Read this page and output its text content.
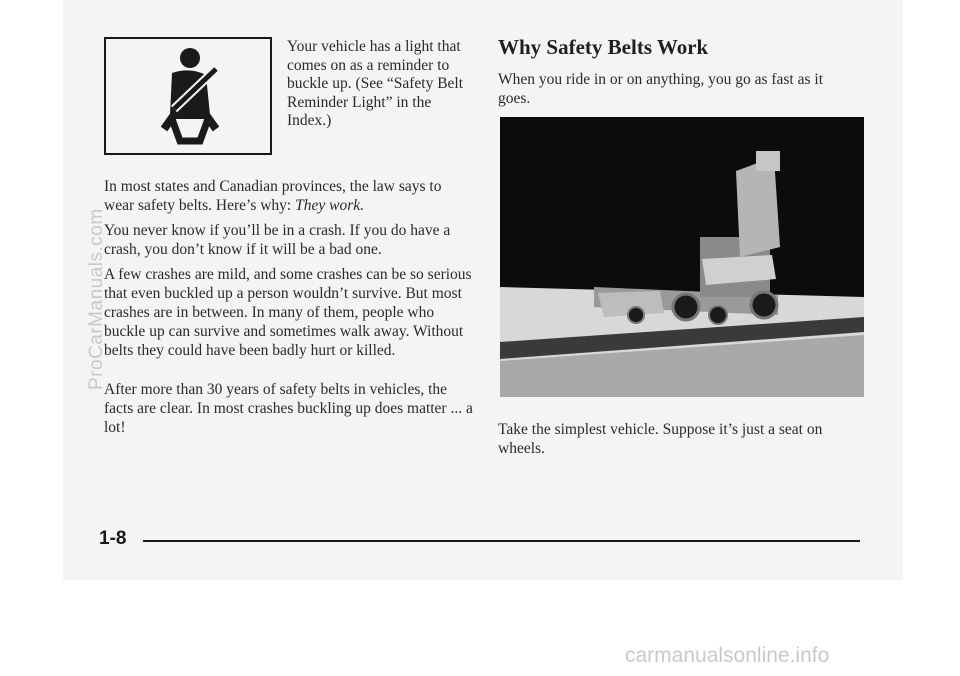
Your vehicle has a light that comes on as a reminder to buckle up. (See “Safety Belt Reminder Light” in the Index.)

In most states and Canadian provinces, the law says to wear safety belts. Here’s why: They work.

You never know if you’ll be in a crash. If you do have a crash, you don’t know if it will be a bad one.

A few crashes are mild, and some crashes can be so serious that even buckled up a person wouldn’t survive. But most crashes are in between. In many of them, people who buckle up can survive and sometimes walk away. Without belts they could have been badly hurt or killed.

After more than 30 years of safety belts in vehicles, the facts are clear. In most crashes buckling up does matter ... a lot!

Why Safety Belts Work

When you ride in or on anything, you go as fast as it goes.

Take the simplest vehicle. Suppose it’s just a seat on wheels.

1-8
ProCarManuals.com
carmanualsonline.info
